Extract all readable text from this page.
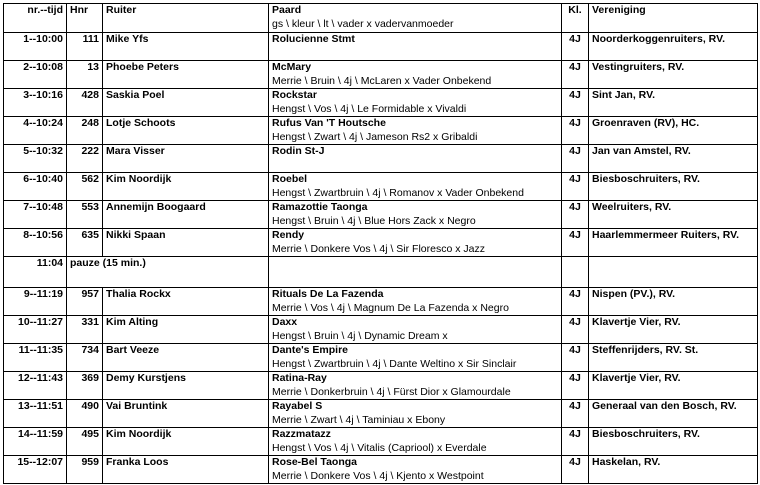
nr.--tijd	Hnr	Ruiter	Paard
gs \ kleur \ lt \ vader x vadervanmoeder	Kl.	Vereniging
1--10:00	111	Mike Yfs	Rolucienne Stmt	4J	Noorderkoggenruiters, RV.
2--10:08	13	Phoebe Peters	McMary
Merrie \ Bruin \ 4j \ McLaren x Vader Onbekend	4J	Vestingruiters, RV.
3--10:16	428	Saskia Poel	Rockstar
Hengst \ Vos \ 4j \ Le Formidable x Vivaldi	4J	Sint Jan, RV.
4--10:24	248	Lotje Schoots	Rufus Van 'T Houtsche
Hengst \ Zwart \ 4j \ Jameson Rs2 x Gribaldi	4J	Groenraven (RV), HC.
5--10:32	222	Mara Visser	Rodin St-J	4J	Jan van Amstel, RV.
6--10:40	562	Kim Noordijk	Roebel
Hengst \ Zwartbruin \ 4j \ Romanov x Vader Onbekend	4J	Biesboschruiters, RV.
7--10:48	553	Annemijn Boogaard	Ramazottie Taonga
Hengst \ Bruin \ 4j \ Blue Hors Zack x Negro	4J	Weelruiters, RV.
8--10:56	635	Nikki Spaan	Rendy
Merrie \ Donkere Vos \ 4j \ Sir Floresco x Jazz	4J	Haarlemmermeer Ruiters, RV.
11:04	pauze (15 min.)				
9--11:19	957	Thalia Rockx	Rituals De La Fazenda
Merrie \ Vos \ 4j \ Magnum De La Fazenda x Negro	4J	Nispen (PV.), RV.
10--11:27	331	Kim Alting	Daxx
Hengst \ Bruin \ 4j \ Dynamic Dream x	4J	Klavertje Vier, RV.
11--11:35	734	Bart Veeze	Dante's Empire
Hengst \ Zwartbruin \ 4j \ Dante Weltino x Sir Sinclair	4J	Steffenrijders, RV. St.
12--11:43	369	Demy Kurstjens	Ratina-Ray
Merrie \ Donkerbruin \ 4j \ Fürst Dior x Glamourdale	4J	Klavertje Vier, RV.
13--11:51	490	Vai Bruntink	Rayabel S
Merrie \ Zwart \ 4j \ Taminiau x Ebony	4J	Generaal van den Bosch, RV.
14--11:59	495	Kim Noordijk	Razzmatazz
Hengst \ Vos \ 4j \ Vitalis (Capriool) x Everdale	4J	Biesboschruiters, RV.
15--12:07	959	Franka Loos	Rose-Bel Taonga
Merrie \ Donkere Vos \ 4j \ Kjento x Westpoint	4J	Haskelan, RV.
